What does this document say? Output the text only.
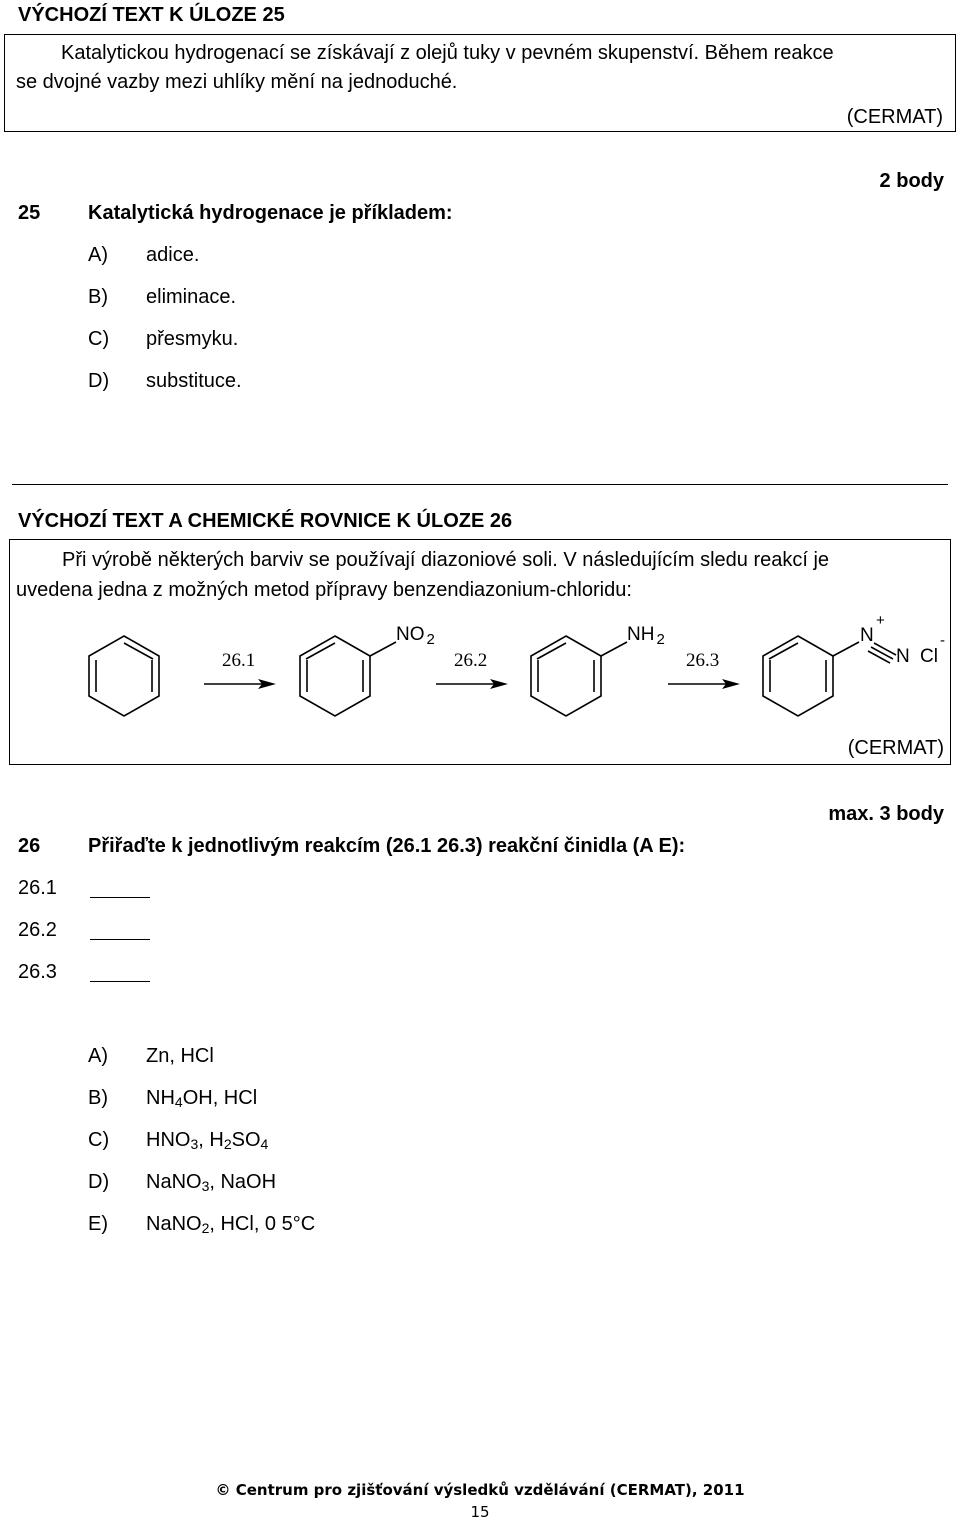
VÝCHOZÍ TEXT K ÚLOZE 25
Katalytickou hydrogenací se získávají z olejů tuky v pevném skupenství. Během reakce
se dvojné vazby mezi uhlíky mění na jednoduché.
(CERMAT)
2 body
25 Katalytická hydrogenace je příkladem:
A) adice.
B) eliminace.
C) přesmyku.
D) substituce.
VÝCHOZÍ TEXT A CHEMICKÉ ROVNICE K ÚLOZE 26
Při výrobě některých barviv se používají diazoniové soli. V následujícím sledu reakcí je
uvedena jedna z možných metod přípravy benzendiazonium-chloridu:
(CERMAT)
26.1	26.2	26.3
NO $_2$	NH $_2$	N
+
N Cl
-
max. 3 body
26 Přiřaďte k jednotlivým reakcím (26.1 26.3) reakční činidla (A E):
26.1
26.2
26.3
A) Zn, HCl
B) $NH_4OH$, HCl
C) $HNO_3$, $H_2SO_4$
D) NaNO$_3$, NaOH
E) NaNO$_2$, HCl, 0 5°C
© Centrum pro zjišťování výsledků vzdělávání (CERMAT), 2011
15
